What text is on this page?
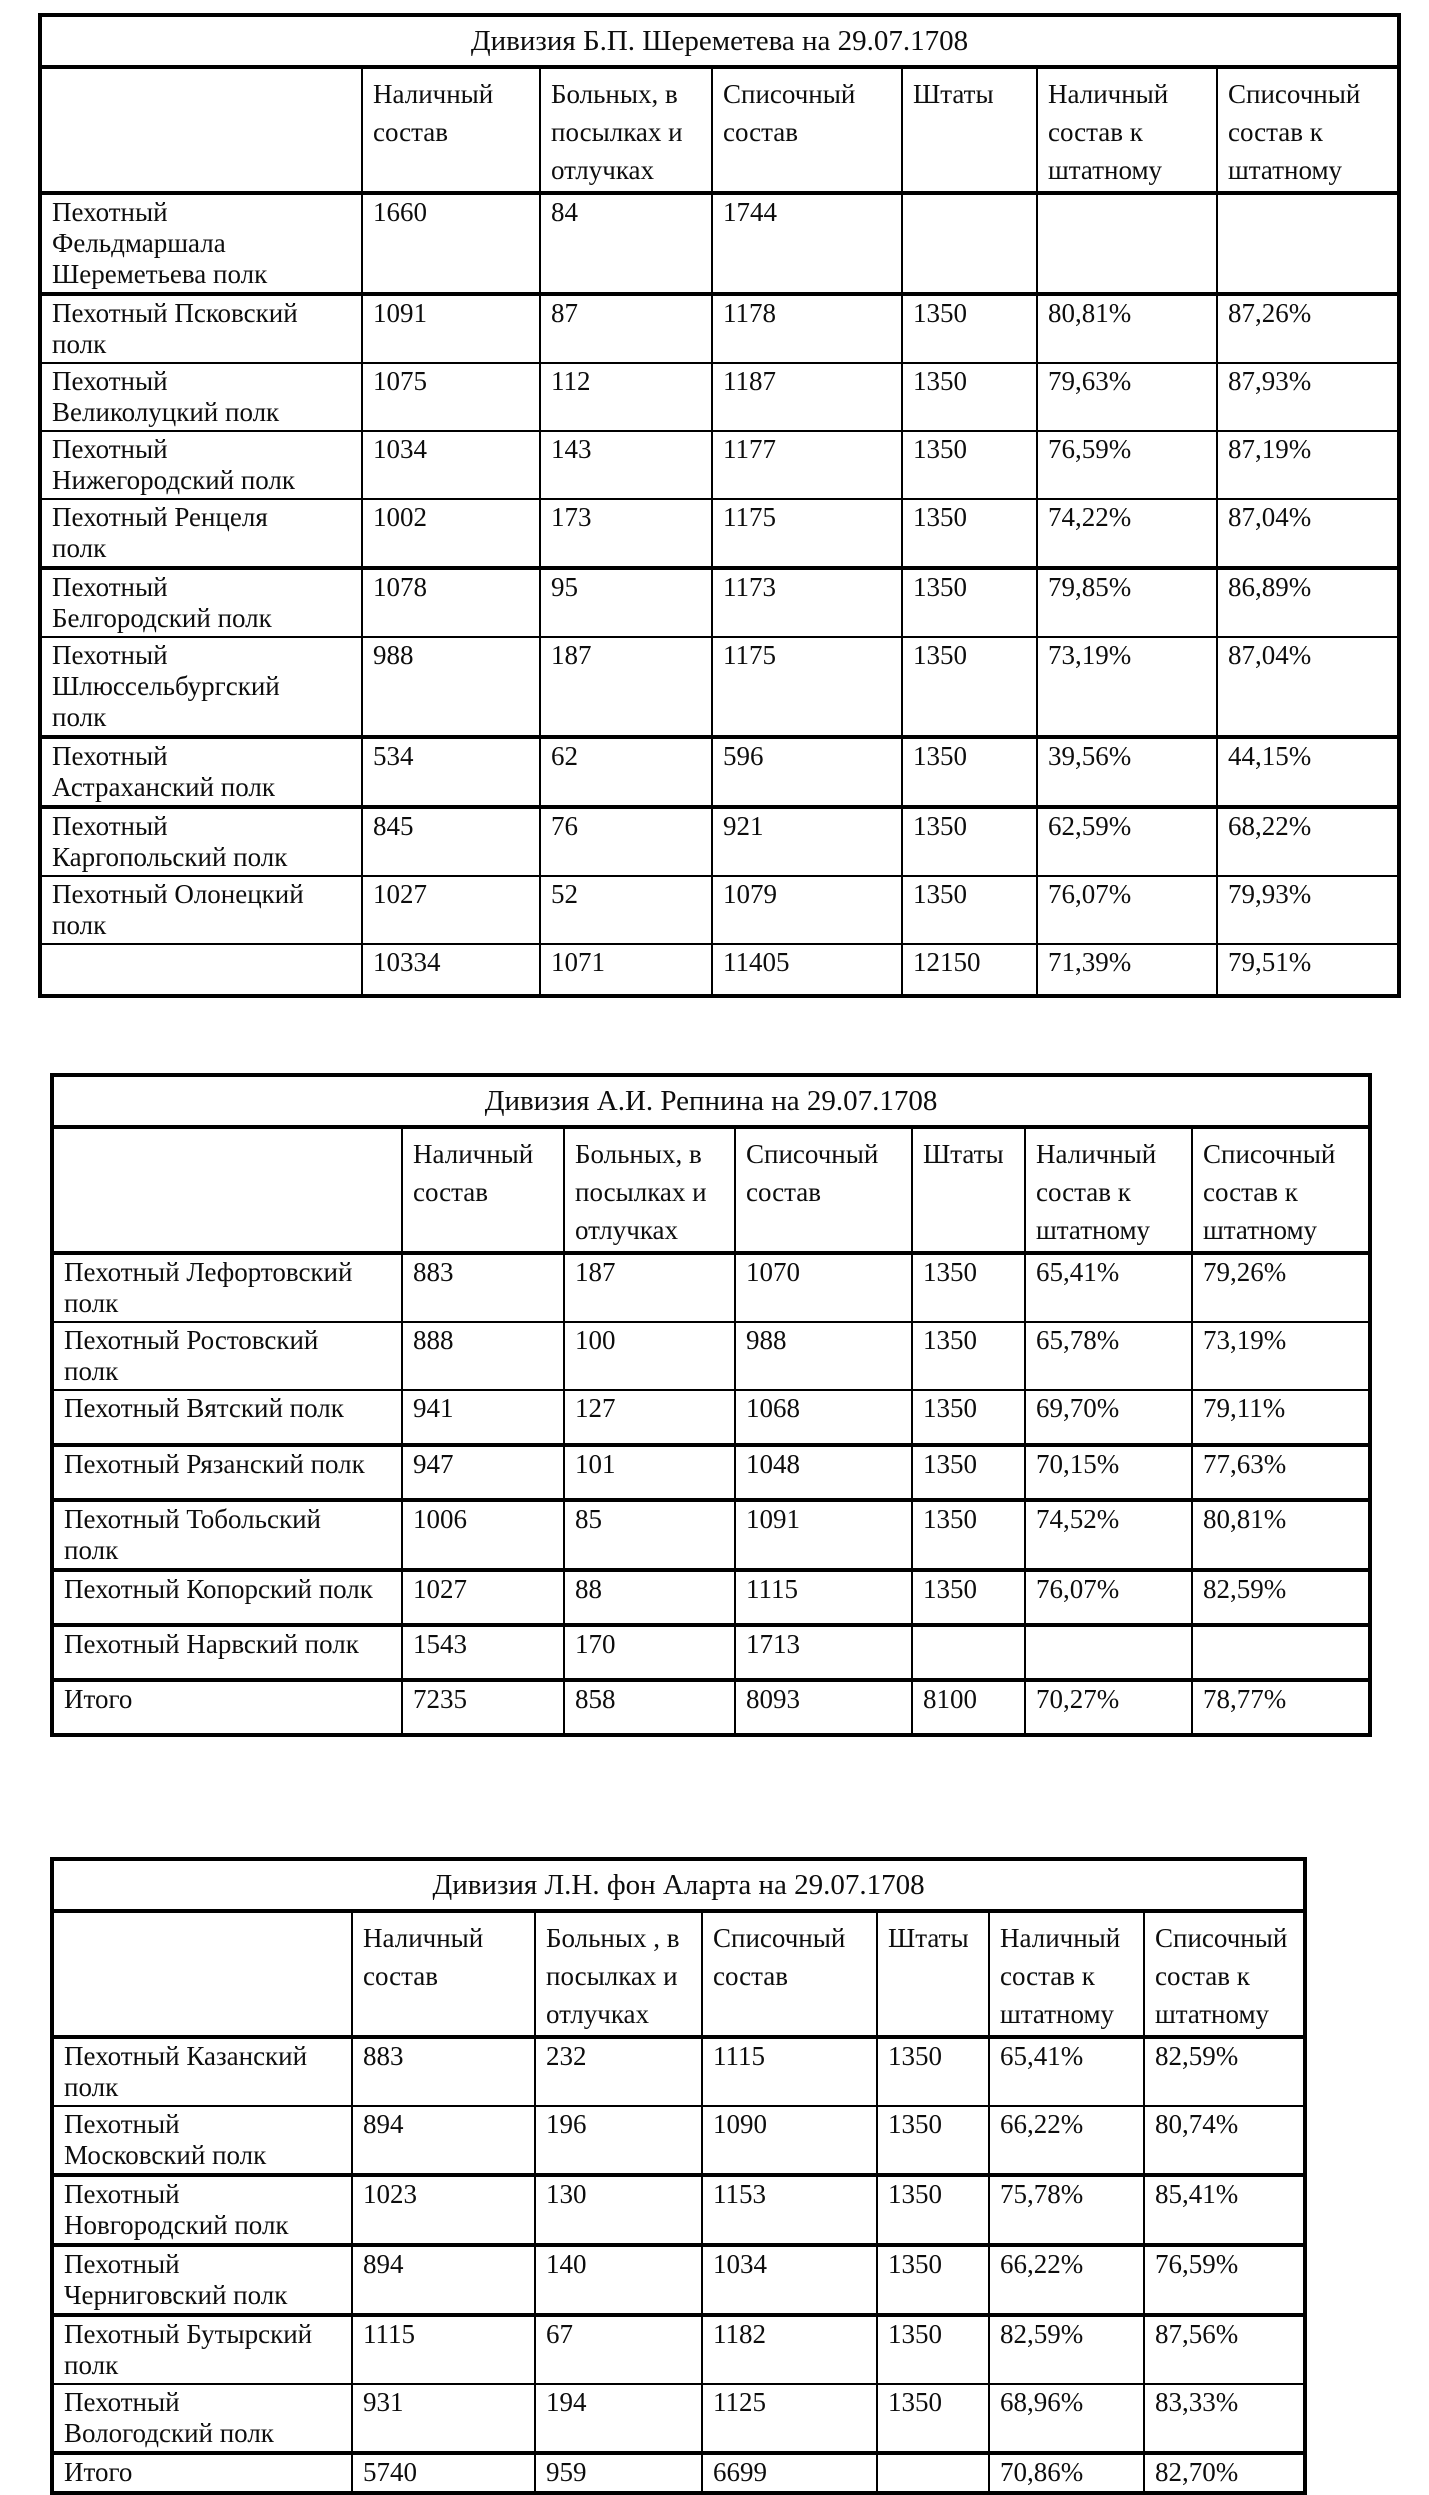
Дивизия Б.П. Шереметева на 29.07.1708						
	Наличный состав	Больных, в посылках и отлучках	Списочный состав	Штаты	Наличный состав к штатному	Списочный состав к штатному
Пехотный Фельдмаршала Шереметьева полк	1660	84	1744			
Пехотный Псковский полк	1091	87	1178	1350	80,81%	87,26%
Пехотный Великолуцкий полк	1075	112	1187	1350	79,63%	87,93%
Пехотный Нижегородский полк	1034	143	1177	1350	76,59%	87,19%
Пехотный Ренцеля полк	1002	173	1175	1350	74,22%	87,04%
Пехотный Белгородский полк	1078	95	1173	1350	79,85%	86,89%
Пехотный Шлюссельбургский полк	988	187	1175	1350	73,19%	87,04%
Пехотный Астраханский полк	534	62	596	1350	39,56%	44,15%
Пехотный Каргопольский полк	845	76	921	1350	62,59%	68,22%
Пехотный Олонецкий полк	1027	52	1079	1350	76,07%	79,93%
	10334	1071	11405	12150	71,39%	79,51%
Дивизия А.И. Репнина на 29.07.1708						
	Наличный состав	Больных, в посылках и отлучках	Списочный состав	Штаты	Наличный состав к штатному	Списочный состав к штатному
Пехотный Лефортовский полк	883	187	1070	1350	65,41%	79,26%
Пехотный Ростовский полк	888	100	988	1350	65,78%	73,19%
Пехотный Вятский полк	941	127	1068	1350	69,70%	79,11%
Пехотный Рязанский полк	947	101	1048	1350	70,15%	77,63%
Пехотный Тобольский полк	1006	85	1091	1350	74,52%	80,81%
Пехотный Копорский полк	1027	88	1115	1350	76,07%	82,59%
Пехотный Нарвский полк	1543	170	1713			
Итого	7235	858	8093	8100	70,27%	78,77%
Дивизия Л.Н. фон Аларта на 29.07.1708						
	Наличный состав	Больных , в посылках и отлучках	Списочный состав	Штаты	Наличный состав к штатному	Списочный состав к штатному
Пехотный Казанский полк	883	232	1115	1350	65,41%	82,59%
Пехотный Московский полк	894	196	1090	1350	66,22%	80,74%
Пехотный Новгородский полк	1023	130	1153	1350	75,78%	85,41%
Пехотный Черниговский полк	894	140	1034	1350	66,22%	76,59%
Пехотный Бутырский полк	1115	67	1182	1350	82,59%	87,56%
Пехотный Вологодский полк	931	194	1125	1350	68,96%	83,33%
Итого	5740	959	6699		70,86%	82,70%
